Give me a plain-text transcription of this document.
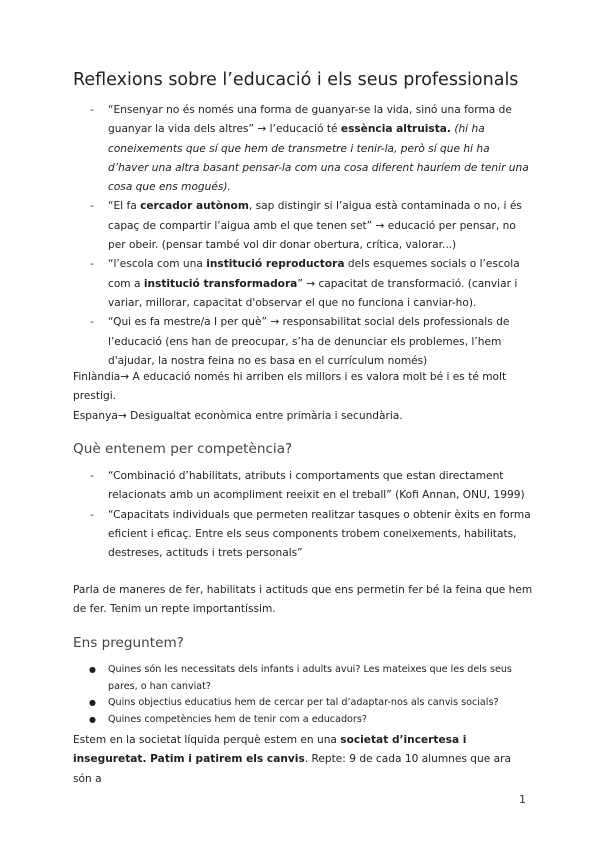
Reflexions sobre l’educació i els seus professionals
- “Ensenyar no és només una forma de guanyar-se la vida, sinó una forma de guanyar la vida dels altres” → l’educació té essència altruista. (hi ha coneixements que sí que hem de transmetre i tenir-la, però sí que hi ha d’haver una altra basant pensar-la com una cosa diferent hauríem de tenir una cosa que ens mogués).
- “El fa cercador autònom, sap distingir si l’aigua està contaminada o no, i és capaç de compartir l’aigua amb el que tenen set” → educació per pensar, no per obeir. (pensar també vol dir donar obertura, crítica, valorar...)
- “l’escola com una institució reproductora dels esquemes socials o l’escola com a institució transformadora” → capacitat de transformació. (canviar i variar, millorar, capacitat d'observar el que no funciona i canviar-ho).
- “Qui es fa mestre/a I per què” → responsabilitat social dels professionals de l’educació (ens han de preocupar, s’ha de denunciar els problemes, l’hem d'ajudar, la nostra feina no es basa en el currículum només)

Finlàndia→ A educació només hi arriben els millors i es valora molt bé i es té molt prestigi.

Espanya→ Desigualtat econòmica entre primària i secundària.

Què entenem per competència?
- “Combinació d’habilitats, atributs i comportaments que estan directament relacionats amb un acompliment reeixit en el treball” (Kofi Annan, ONU, 1999)
- “Capacitats individuals que permeten realitzar tasques o obtenir èxits en forma eficient i eficaç. Entre els seus components trobem coneixements, habilitats, destreses, actituds i trets personals”

Parla de maneres de fer, habilitats i actituds que ens permetin fer bé la feina que hem de fer. Tenim un repte importantíssim.

Ens preguntem?
● Quines són les necessitats dels infants i adults avui? Les mateixes que les dels seus pares, o han canviat?
● Quins objectius educatius hem de cercar per tal d’adaptar-nos als canvis socials?
● Quines competències hem de tenir com a educadors?

Estem en la societat líquida perquè estem en una societat d’incertesa i inseguretat. Patim i patirem els canvis. Repte: 9 de cada 10 alumnes que ara són a

1
